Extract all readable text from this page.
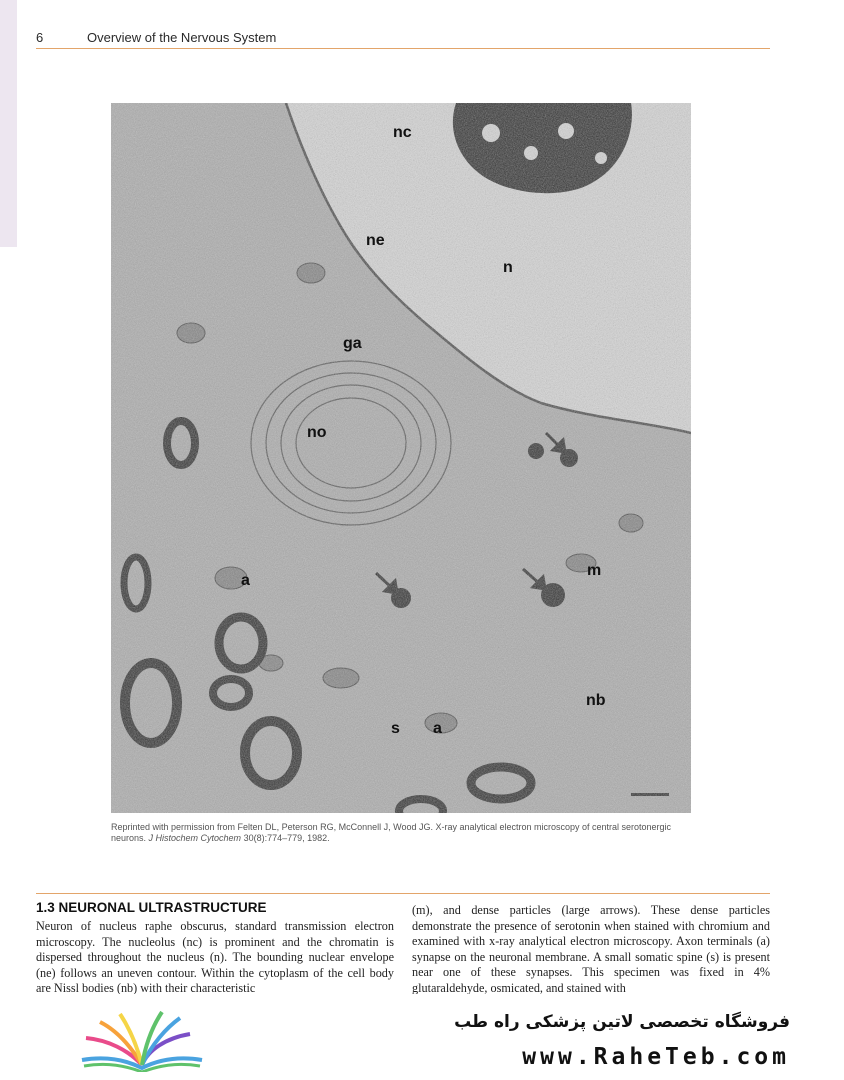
6	Overview of the Nervous System
nc
ne
n
ga
no
a
m
nb
s a
Reprinted with permission from Felten DL, Peterson RG, McConnell J, Wood JG. X-ray analytical electron microscopy of central serotonergic
neurons. J Histochem Cytochem 30(8):774–779, 1982.
1.3 NEURONAL ULTRASTRUCTURE
Neuron of nucleus raphe obscurus, standard transmission electron microscopy. The nucleolus (nc) is prominent and the chromatin is dispersed throughout the nucleus (n). The bounding nuclear envelope (ne) follows an uneven contour. Within the cytoplasm of the cell body are Nissl bodies (nb) with their characteristic
(m), and dense particles (large arrows). These dense particles demonstrate the presence of serotonin when stained with chromium and examined with x-ray analytical electron microscopy. Axon terminals (a) synapse on the neuronal membrane. A small somatic spine (s) is present near one of these synapses. This specimen was fixed in 4% glutaraldehyde, osmicated, and stained with
فروشگاه تخصصی لاتین پزشکی راه طب
www.RaheTeb.com
